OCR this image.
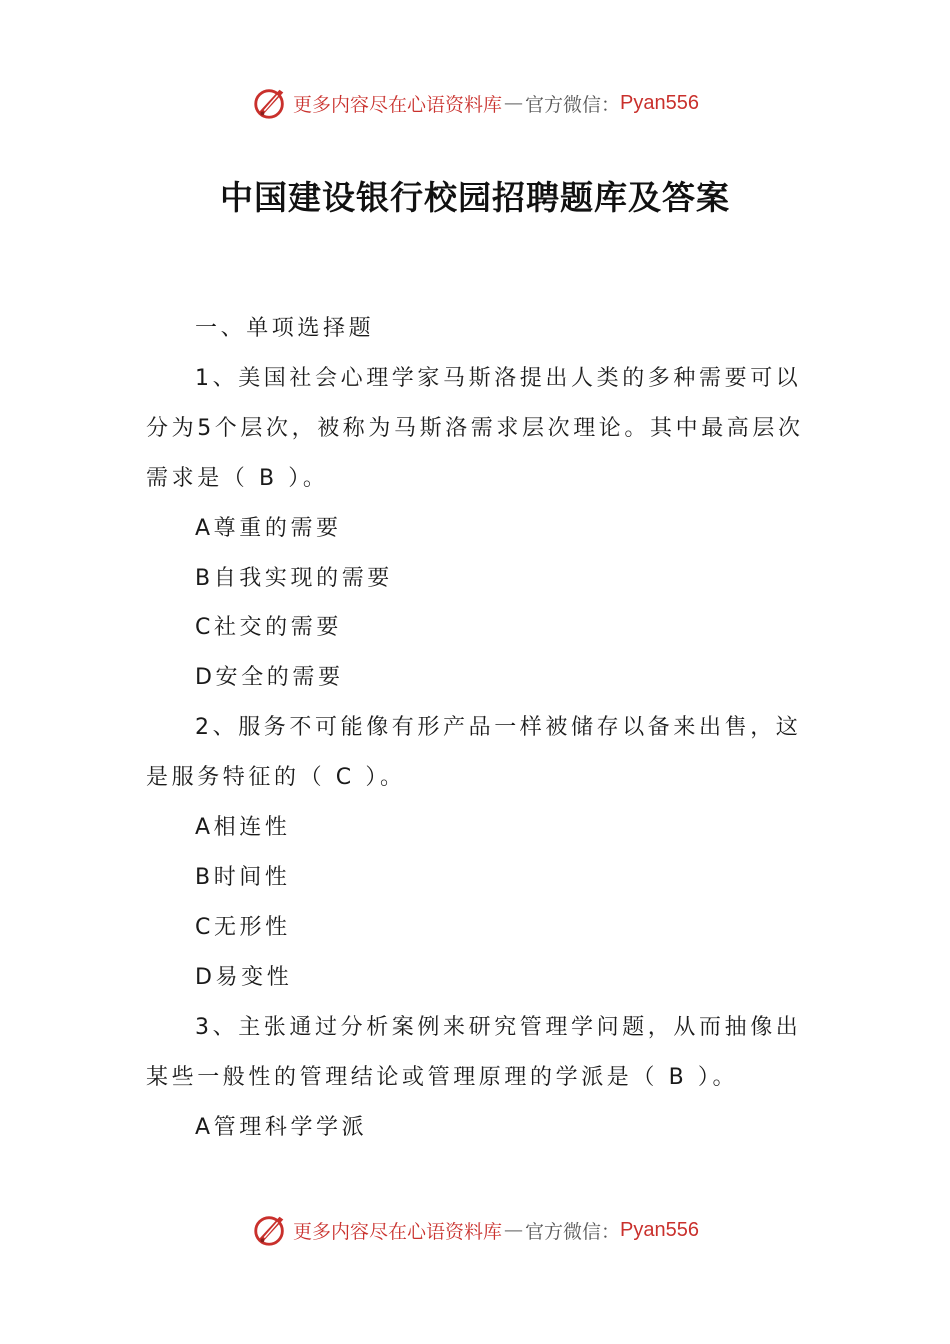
更多内容尽在心语资料库 — 官方微信： Pyan556
中国建设银行校园招聘题库及答案
一、单项选择题
1、美国社会心理学家马斯洛提出人类的多种需要可以分为5个层次，被称为马斯洛需求层次理论。其中最高层次需求是（ B ）。
A尊重的需要
B自我实现的需要
C社交的需要
D安全的需要
2、服务不可能像有形产品一样被储存以备来出售，这是服务特征的（ C ）。
A相连性
B时间性
C无形性
D易变性
3、主张通过分析案例来研究管理学问题，从而抽像出某些一般性的管理结论或管理原理的学派是（ B ）。
A管理科学学派
更多内容尽在心语资料库 — 官方微信： Pyan556
